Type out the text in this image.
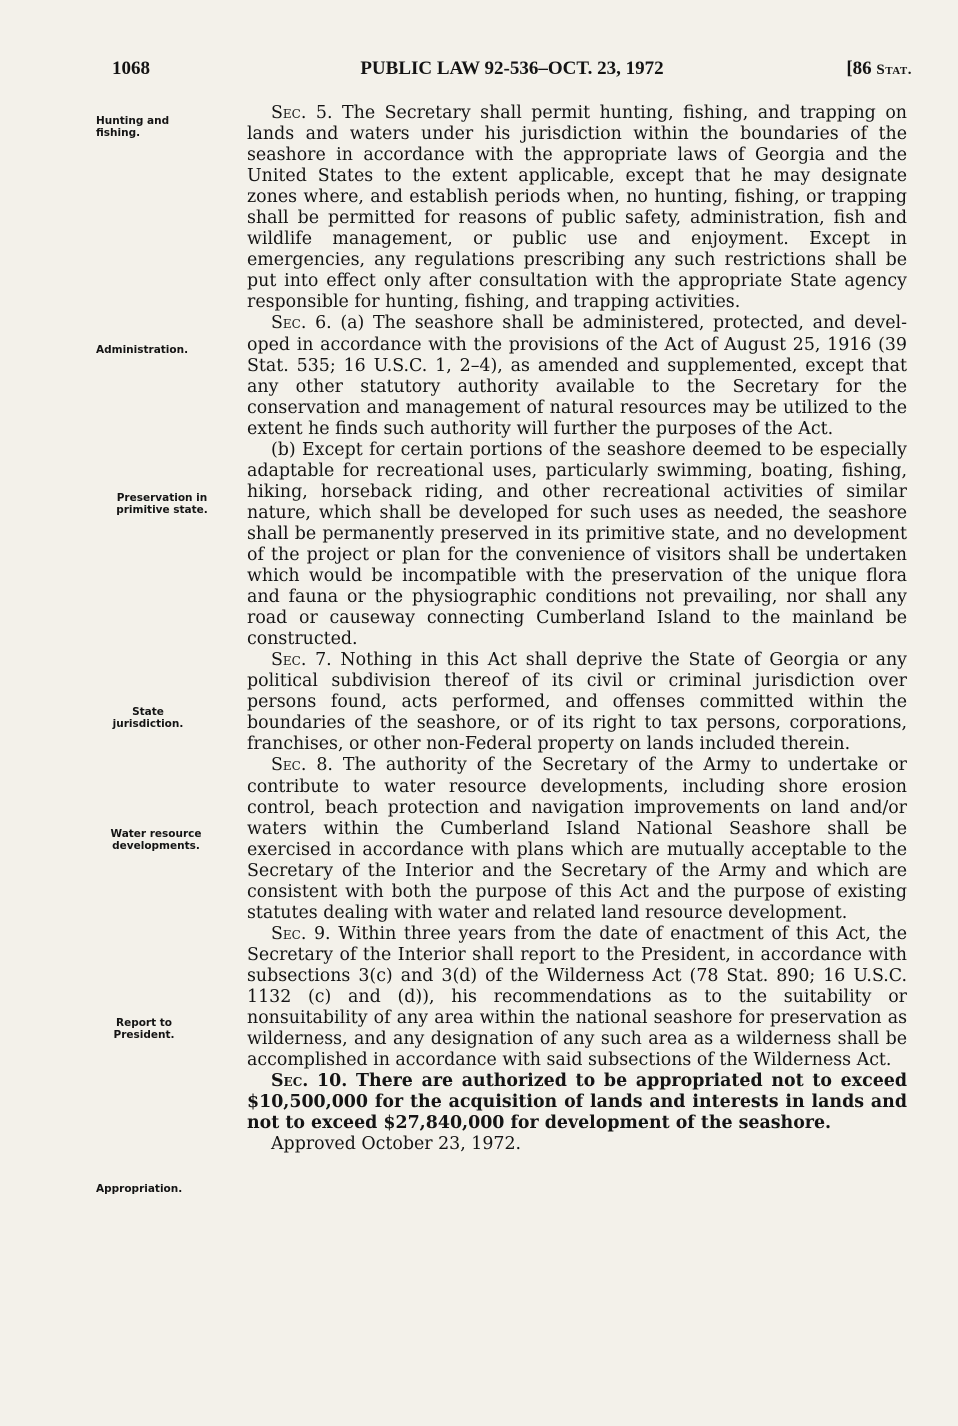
1068	PUBLIC LAW 92-536–OCT. 23, 1972	[86 Stat.
Hunting and fishing.
Administration.
Preservation in primitive state.
State jurisdiction.
Water resource developments.
Report to President.
Appropriation.

Sec. 5. The Secretary shall permit hunting, fishing, and trapping on lands and waters under his jurisdiction within the boundaries of the seashore in accordance with the appropriate laws of Georgia and the United States to the extent applicable, except that he may designate zones where, and establish periods when, no hunting, fishing, or trapping shall be permitted for reasons of public safety, administration, fish and wildlife management, or public use and enjoyment. Except in emergencies, any regulations prescribing any such restrictions shall be put into effect only after consultation with the appropriate State agency responsible for hunting, fishing, and trapping activities.

Sec. 6. (a) The seashore shall be administered, protected, and developed in accordance with the provisions of the Act of August 25, 1916 (39 Stat. 535; 16 U.S.C. 1, 2–4), as amended and supplemented, except that any other statutory authority available to the Secretary for the conservation and management of natural resources may be utilized to the extent he finds such authority will further the purposes of the Act.

(b) Except for certain portions of the seashore deemed to be especially adaptable for recreational uses, particularly swimming, boating, fishing, hiking, horseback riding, and other recreational activities of similar nature, which shall be developed for such uses as needed, the seashore shall be permanently preserved in its primitive state, and no development of the project or plan for the convenience of visitors shall be undertaken which would be incompatible with the preservation of the unique flora and fauna or the physiographic conditions not prevailing, nor shall any road or causeway connecting Cumberland Island to the mainland be constructed.

Sec. 7. Nothing in this Act shall deprive the State of Georgia or any political subdivision thereof of its civil or criminal jurisdiction over persons found, acts performed, and offenses committed within the boundaries of the seashore, or of its right to tax persons, corporations, franchises, or other non-Federal property on lands included therein.

Sec. 8. The authority of the Secretary of the Army to undertake or contribute to water resource developments, including shore erosion control, beach protection and navigation improvements on land and/or waters within the Cumberland Island National Seashore shall be exercised in accordance with plans which are mutually acceptable to the Secretary of the Interior and the Secretary of the Army and which are consistent with both the purpose of this Act and the purpose of existing statutes dealing with water and related land resource development.

Sec. 9. Within three years from the date of enactment of this Act, the Secretary of the Interior shall report to the President, in accordance with subsections 3(c) and 3(d) of the Wilderness Act (78 Stat. 890; 16 U.S.C. 1132 (c) and (d)), his recommendations as to the suitability or nonsuitability of any area within the national seashore for preservation as wilderness, and any designation of any such area as a wilderness shall be accomplished in accordance with said subsections of the Wilderness Act.

Sec. 10. There are authorized to be appropriated not to exceed $10,500,000 for the acquisition of lands and interests in lands and not to exceed $27,840,000 for development of the seashore.

Approved October 23, 1972.
